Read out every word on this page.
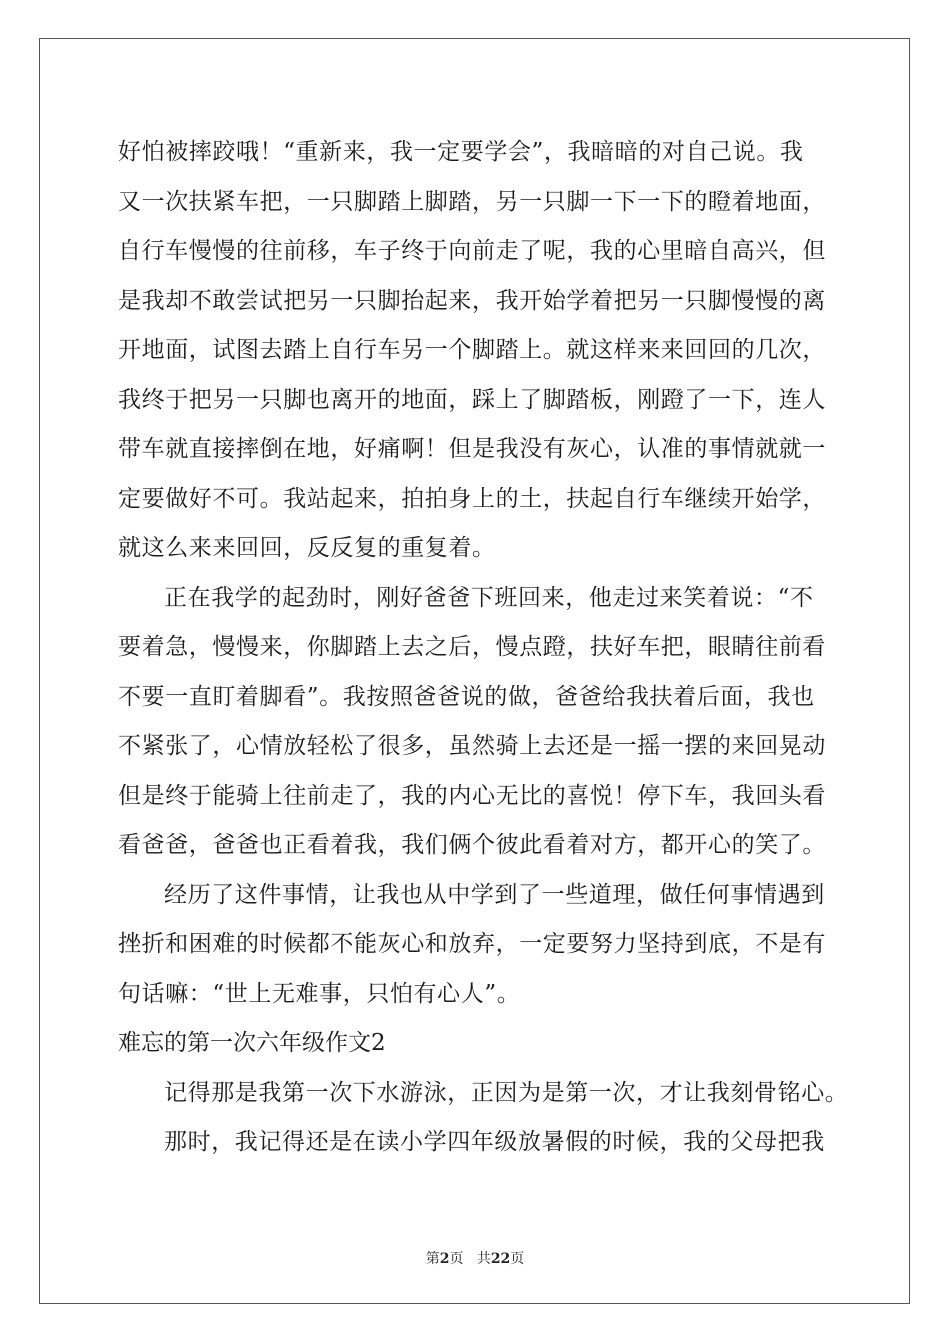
好怕被摔跤哦！“重新来，我一定要学会”，我暗暗的对自己说。我
又一次扶紧车把，一只脚踏上脚踏，另一只脚一下一下的瞪着地面，
自行车慢慢的往前移，车子终于向前走了呢，我的心里暗自高兴，但
是我却不敢尝试把另一只脚抬起来，我开始学着把另一只脚慢慢的离
开地面，试图去踏上自行车另一个脚踏上。就这样来来回回的几次，
我终于把另一只脚也离开的地面，踩上了脚踏板，刚蹬了一下，连人
带车就直接摔倒在地，好痛啊！但是我没有灰心，认准的事情就就一
定要做好不可。我站起来，拍拍身上的土，扶起自行车继续开始学，
就这么来来回回，反反复的重复着。
正在我学的起劲时，刚好爸爸下班回来，他走过来笑着说：“不
要着急，慢慢来，你脚踏上去之后，慢点蹬，扶好车把，眼睛往前看
不要一直盯着脚看”。我按照爸爸说的做，爸爸给我扶着后面，我也
不紧张了，心情放轻松了很多，虽然骑上去还是一摇一摆的来回晃动
但是终于能骑上往前走了，我的内心无比的喜悦！停下车，我回头看
看爸爸，爸爸也正看着我，我们俩个彼此看着对方，都开心的笑了。
经历了这件事情，让我也从中学到了一些道理，做任何事情遇到
挫折和困难的时候都不能灰心和放弃，一定要努力坚持到底，不是有
句话嘛：“世上无难事，只怕有心人”。
难忘的第一次六年级作文2
记得那是我第一次下水游泳，正因为是第一次，才让我刻骨铭心。
那时，我记得还是在读小学四年级放暑假的时候，我的父母把我
第2页 共22页
